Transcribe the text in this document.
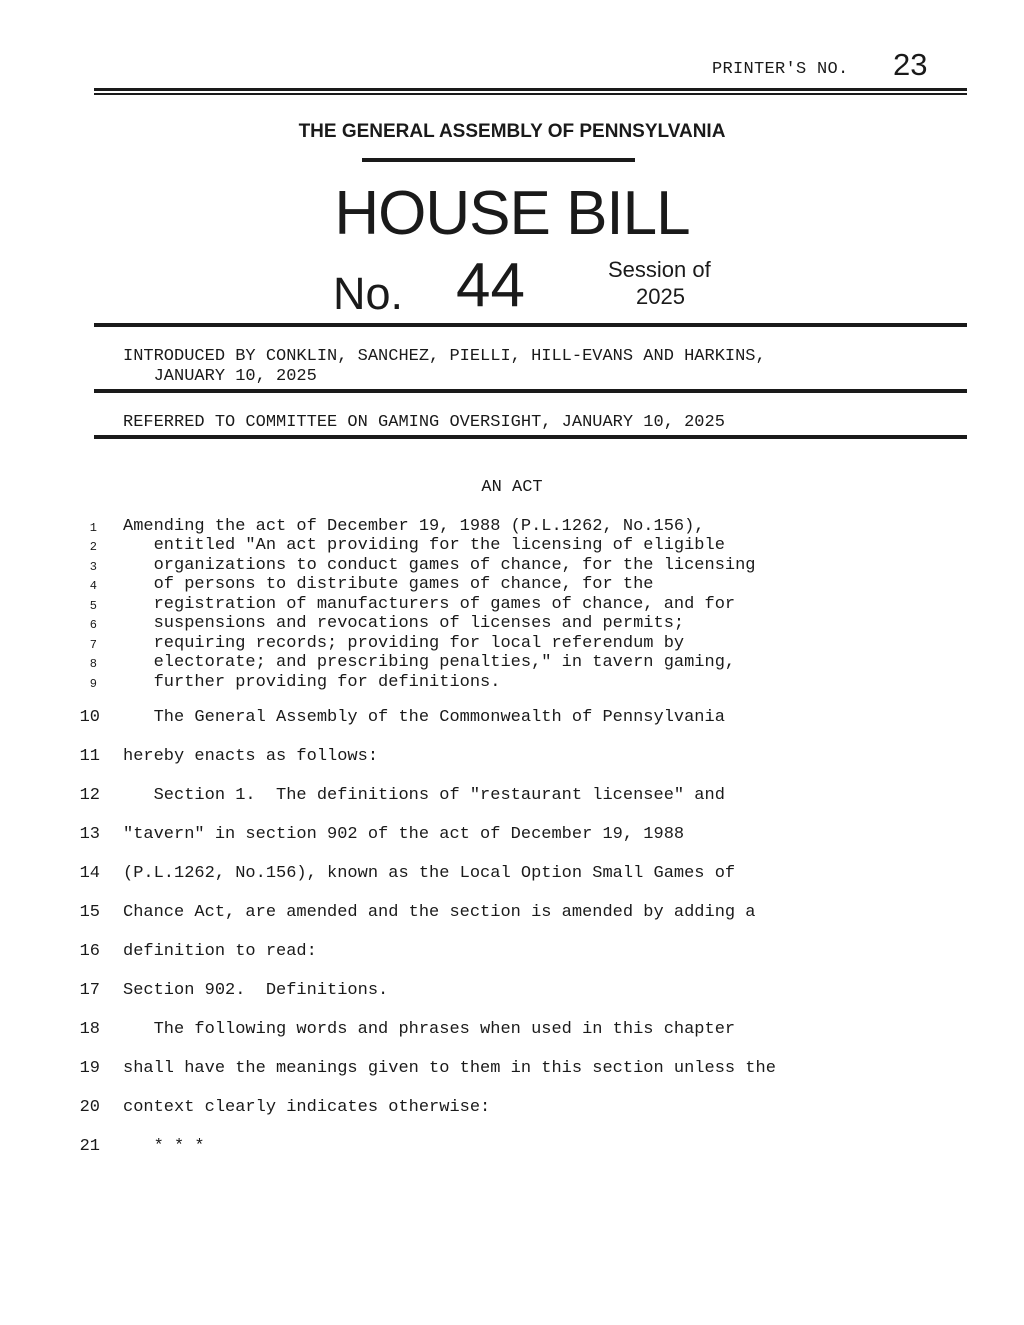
PRINTER'S NO. 23
THE GENERAL ASSEMBLY OF PENNSYLVANIA
HOUSE BILL
No. 44	Session of
2025
INTRODUCED BY CONKLIN, SANCHEZ, PIELLI, HILL-EVANS AND HARKINS,
JANUARY 10, 2025
REFERRED TO COMMITTEE ON GAMING OVERSIGHT, JANUARY 10, 2025
AN ACT
1 Amending the act of December 19, 1988 (P.L.1262, No.156),
2 entitled "An act providing for the licensing of eligible
3 organizations to conduct games of chance, for the licensing
4 of persons to distribute games of chance, for the
5 registration of manufacturers of games of chance, and for
6 suspensions and revocations of licenses and permits;
7 requiring records; providing for local referendum by
8 electorate; and prescribing penalties," in tavern gaming,
9 further providing for definitions.
10 The General Assembly of the Commonwealth of Pennsylvania
11 hereby enacts as follows:
12 Section 1.  The definitions of "restaurant licensee" and
13 "tavern" in section 902 of the act of December 19, 1988
14 (P.L.1262, No.156), known as the Local Option Small Games of
15 Chance Act, are amended and the section is amended by adding a
16 definition to read:
17 Section 902.  Definitions.
18 The following words and phrases when used in this chapter
19 shall have the meanings given to them in this section unless the
20 context clearly indicates otherwise:
21 * * *
